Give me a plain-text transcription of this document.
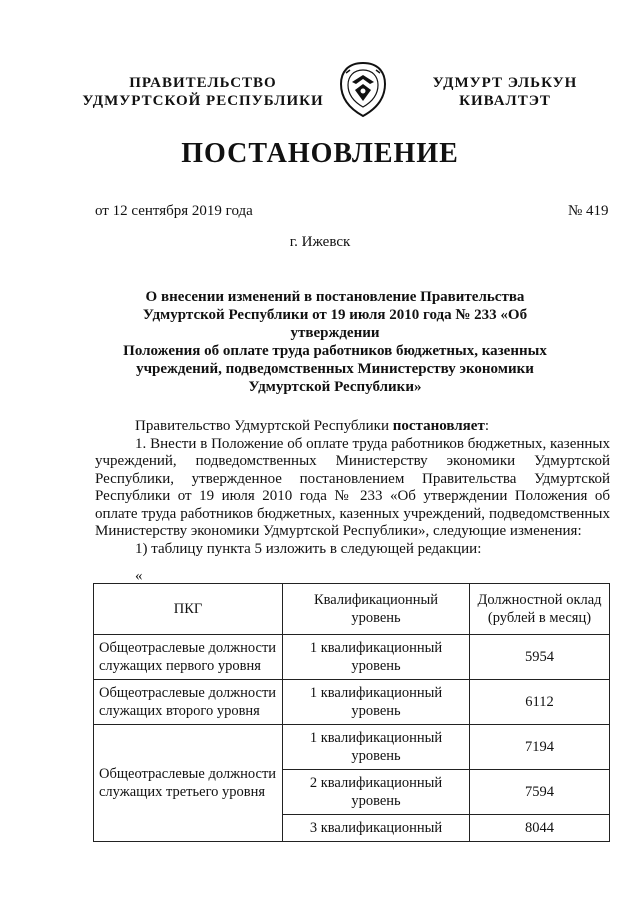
ПРАВИТЕЛЬСТВО
УДМУРТСКОЙ РЕСПУБЛИКИ
УДМУРТ ЭЛЬКУН
КИВАЛТЭТ
ПОСТАНОВЛЕНИЕ
от 12 сентября 2019 года	№ 419
г. Ижевск
О внесении изменений в постановление Правительства
Удмуртской Республики от 19 июля 2010 года № 233 «Об утверждении
Положения об оплате труда работников бюджетных, казенных
учреждений, подведомственных Министерству экономики
Удмуртской Республики»

Правительство Удмуртской Республики постановляет:

1. Внести в Положение об оплате труда работников бюджетных, казенных учреждений, подведомственных Министерству экономики Удмуртской Республики, утвержденное постановлением Правительства Удмуртской Республики от 19 июля 2010 года № 233 «Об утверждении Положения об оплате труда работников бюджетных, казенных учреждений, подведомственных Министерству экономики Удмуртской Республики», следующие изменения:

1) таблицу пункта 5 изложить в следующей редакции:

«
ПКГ	Квалификационный уровень	Должностной оклад (рублей в месяц)
Общеотраслевые должности служащих первого уровня	1 квалификационный уровень	5954
Общеотраслевые должности служащих второго уровня	1 квалификационный уровень	6112
Общеотраслевые должности служащих третьего уровня	1 квалификационный уровень	7194
	2 квалификационный уровень	7594
	3 квалификационный	8044
